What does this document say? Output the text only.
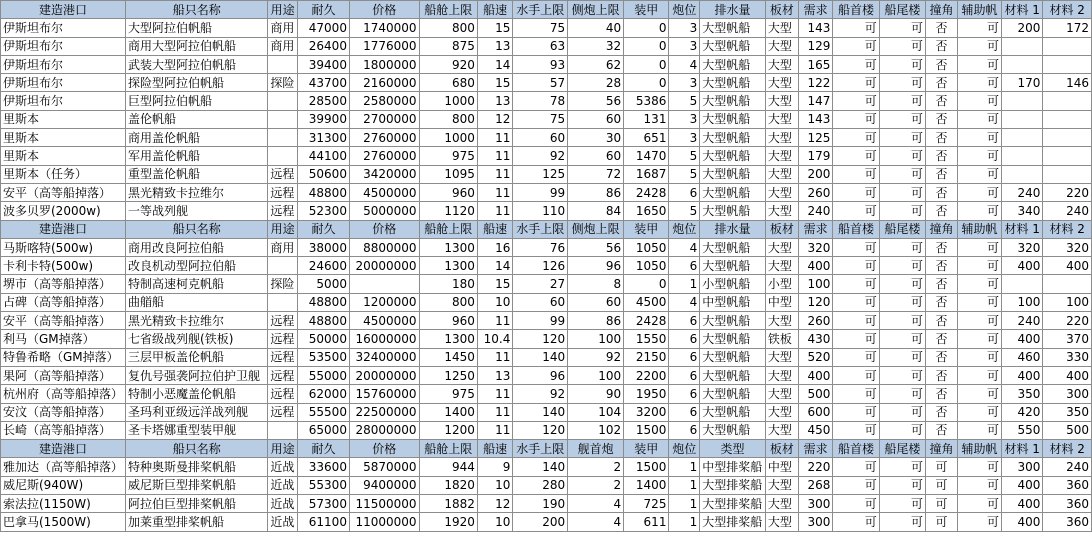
建造港口	船只名称	用途	耐久	价格	船舱上限	船速	水手上限	侧炮上限	装甲	炮位	排水量	板材	需求	船首楼	船尾楼	撞角	辅助帆	材料 1	材料 2
伊斯坦布尔	大型阿拉伯帆船	商用	47000	1740000	800	15	75	40	0	3	大型帆船	大型	143	可	可	否	可	200	172
伊斯坦布尔	商用大型阿拉伯帆船	商用	26400	1776000	875	13	63	32	0	3	大型帆船	大型	129	可	可	否	可		
伊斯坦布尔	武装大型阿拉伯帆船		39400	1800000	920	14	93	62	0	4	大型帆船	大型	165	可	可	否	可		
伊斯坦布尔	探险型阿拉伯帆船	探险	43700	2160000	680	15	57	28	0	3	大型帆船	大型	122	可	可	否	可	170	146
伊斯坦布尔	巨型阿拉伯帆船		28500	2580000	1000	13	78	56	5386	5	大型帆船	大型	147	可	可	否	可		
里斯本	盖伦帆船		39900	2700000	800	12	75	60	131	3	大型帆船	大型	143	可	可	否	可		
里斯本	商用盖伦帆船		31300	2760000	1000	11	60	30	651	3	大型帆船	大型	125	可	可	否	可		
里斯本	军用盖伦帆船		44100	2760000	975	11	92	60	1470	5	大型帆船	大型	179	可	可	否	可		
里斯本（任务）	重型盖伦帆船	远程	50600	3420000	1095	11	125	72	1687	5	大型帆船	大型	200	可	可	否	可		
安平（高等船掉落）	黑光精致卡拉维尔	远程	48800	4500000	960	11	99	86	2428	6	大型帆船	大型	260	可	可	否	可	240	220
波多贝罗(2000w)	一等战列舰	远程	52300	5000000	1120	11	110	84	1650	5	大型帆船	大型	240	可	可	否	可	340	240
建造港口	船只名称	用途	耐久	价格	船舱上限	船速	水手上限	侧炮上限	装甲	炮位	排水量	板材	需求	船首楼	船尾楼	撞角	辅助帆	材料 1	材料 2
马斯喀特(500w)	商用改良阿拉伯船	商用	38000	8800000	1300	16	76	56	1050	4	大型帆船	大型	320	可	可	否	可	320	320
卡利卡特(500w)	改良机动型阿拉伯船		24600	20000000	1300	14	126	96	1050	6	大型帆船	大型	400	可	可	否	可	400	400
堺市（高等船掉落）	特制高速柯克帆船	探险	5000		180	15	27	8	0	1	小型帆船	小型	100	可	可	否	可		
占碑（高等船掉落）	曲艏船		48800	1200000	800	10	60	60	4500	4	中型帆船	中型	120	可	可	否	可	100	100
安平（高等船掉落）	黑光精致卡拉维尔	远程	48800	4500000	960	11	99	86	2428	6	大型帆船	大型	260	可	可	否	可	240	220
利马（GM掉落）	七省级战列舰(铁板)	远程	50000	16000000	1300	10.4	120	100	1550	6	大型帆船	铁板	430	可	可	否	可	400	370
特鲁希略（GM掉落）	三层甲板盖伦帆船	远程	53500	32400000	1450	11	140	92	2150	6	大型帆船	大型	520	可	可	否	可	460	330
果阿（高等船掉落）	复仇号强袭阿拉伯护卫舰	远程	55000	20000000	1250	13	96	100	2200	6	大型帆船	大型	400	可	可	否	可	400	400
杭州府（高等船掉落）	特制小恶魔盖伦帆船	远程	62000	15760000	975	11	92	90	1950	6	大型帆船	大型	500	可	可	否	可	350	300
安汶（高等船掉落）	圣玛利亚级远洋战列舰	远程	55500	22500000	1400	11	140	104	3200	6	大型帆船	大型	600	可	可	否	可	420	350
长崎（高等船掉落）	圣卡塔娜重型装甲舰		65000	28000000	1200	11	120	102	1500	6	大型帆船	大型	450	可	可	否	可	550	500
建造港口	船只名称	用途	耐久	价格	船舱上限	船速	水手上限	舰首炮	装甲	炮位	类型	板材	需求	船首楼	船尾楼	撞角	辅助帆	材料 1	材料 2
雅加达（高等船掉落）	特种奥斯曼排桨帆船	近战	33600	5870000	944	9	140	2	1500	1	中型排桨船	中型	220	可	可	可	可	300	240
威尼斯(940W)	威尼斯巨型排桨帆船	近战	55300	9400000	1820	10	280	2	1400	1	大型排桨船	大型	268	可	可	可	可	400	360
索法拉(1150W)	阿拉伯巨型排桨帆船	近战	57300	11500000	1882	12	190	4	725	1	大型排桨船	大型	300	可	可	可	可	400	360
巴拿马(1500W)	加莱重型排桨帆船	近战	61100	11000000	1920	10	200	4	611	1	大型排桨船	大型	300	可	可	可	可	400	360
